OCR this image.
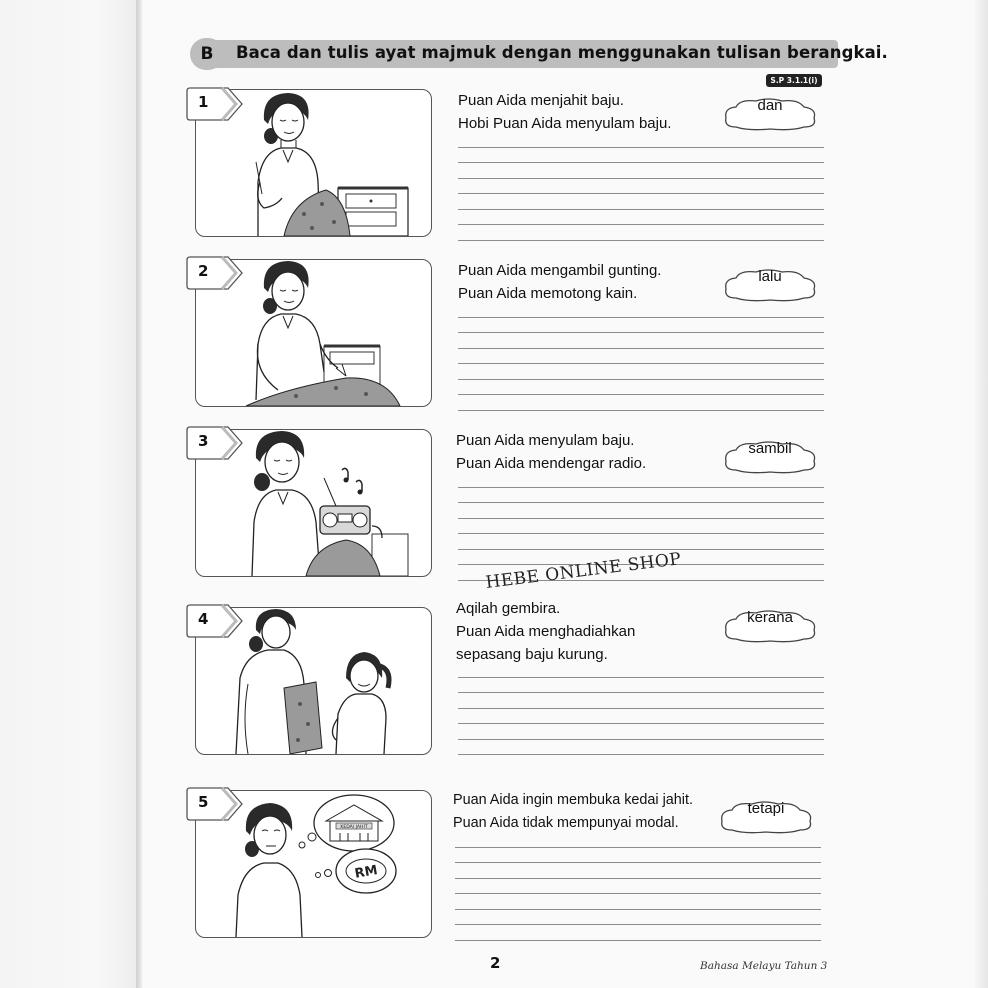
B	Baca dan tulis ayat majmuk dengan menggunakan tulisan berangkai.
S.P 3.1.1(i)
1	Puan Aida menjahit baju.
Hobi Puan Aida menyulam baju.
dan
2	Puan Aida mengambil gunting.
Puan Aida memotong kain.
lalu
3	Puan Aida menyulam baju.
Puan Aida mendengar radio.
sambil
4
Aqilah gembira.
Puan Aida menghadiahkan
sepasang baju kurung.
kerana
KEDAI JAHIT
RM
5	Puan Aida ingin membuka kedai jahit.
Puan Aida tidak mempunyai modal.
tetapi
HEBE ONLINE SHOP
2	Bahasa Melayu Tahun 3
